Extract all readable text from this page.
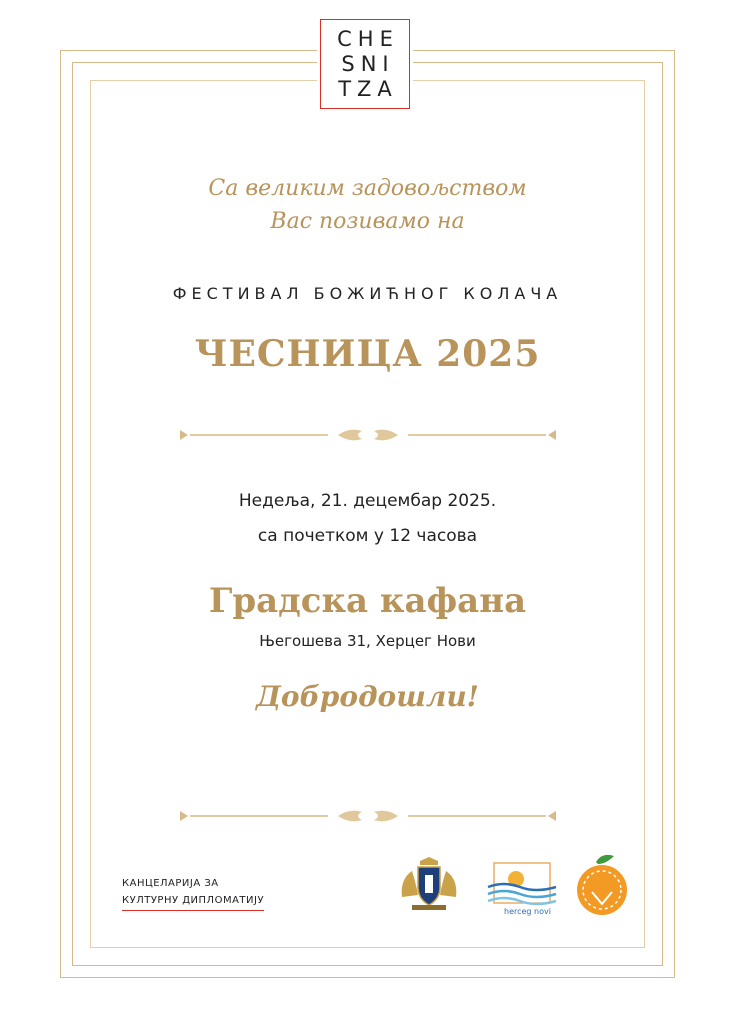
CHE
SNI
TZA
Са великим задовољством
Вас позивамо на
ФЕСТИВАЛ БОЖИЋНОГ КОЛАЧА
ЧЕСНИЦА 2025
Недеља, 21. децембар 2025.
са почетком у 12 часова
Градска кафана
Његошева 31, Херцег Нови
Добродошли!
КАНЦЕЛАРИЈА ЗА
КУЛТУРНУ ДИПЛОМАТИЈУ
herceg novi
